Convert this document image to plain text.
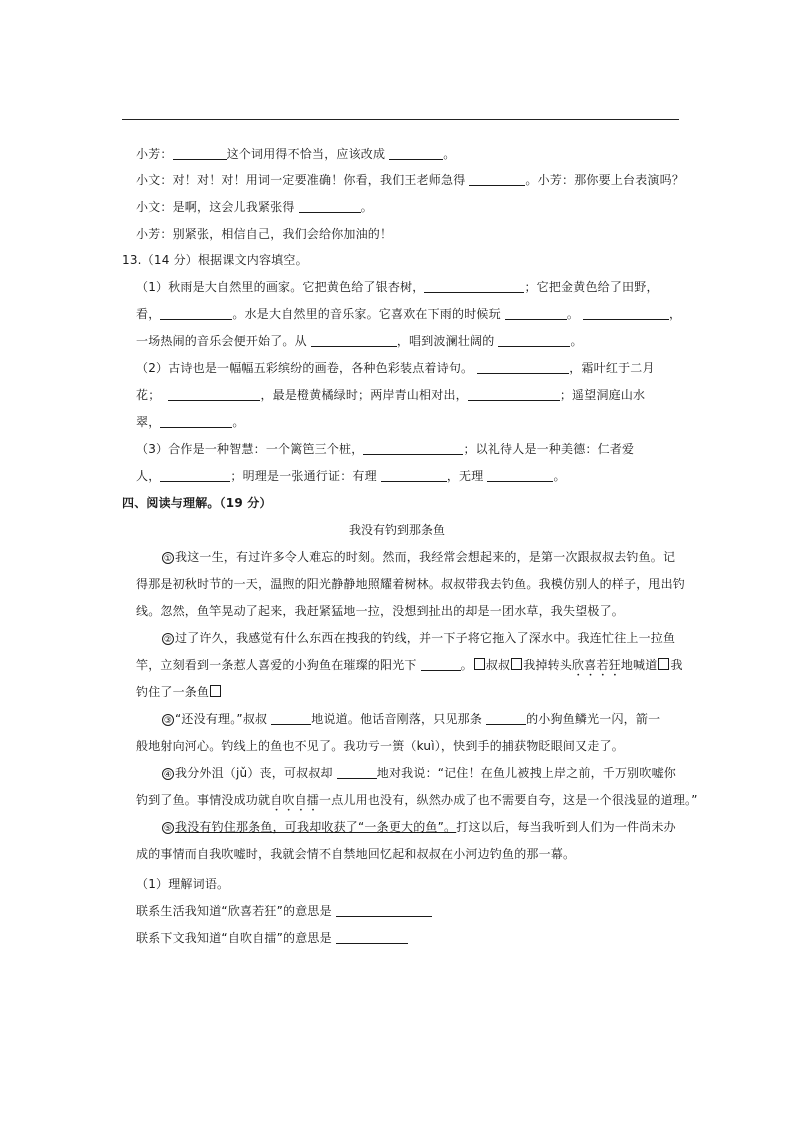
小芳：	这个词用得不恰当，应该改成	。
小文：对！对！对！用词一定要准确！你看，我们王老师急得	。小芳：那你要上台表演吗？
小文：是啊，这会儿我紧张得	。
小芳：别紧张，相信自己，我们会给你加油的！
13.（14 分）根据课文内容填空。
（1）秋雨是大自然里的画家。它把黄色给了银杏树，	；它把金黄色给了田野，
看，	。水是大自然里的音乐家。它喜欢在下雨的时候玩	。	，
一场热闹的音乐会便开始了。从	，唱到波澜壮阔的	。
（2）古诗也是一幅幅五彩缤纷的画卷，各种色彩装点着诗句。	，霜叶红于二月
花；	，最是橙黄橘绿时；两岸青山相对出，	；遥望洞庭山水
翠，	。
（3）合作是一种智慧：一个篱笆三个桩，	；以礼待人是一种美德：仁者爱
人，	；明理是一张通行证：有理	，无理	。
四、阅读与理解。（19 分）
我没有钓到那条鱼
① 我这一生，有过许多令人难忘的时刻。然而，我经常会想起来的，是第一次跟叔叔去钓鱼。记
得那是初秋时节的一天，温煦的阳光静静地照耀着树林。叔叔带我去钓鱼。我模仿别人的样子，甩出钓
线。忽然，鱼竿晃动了起来，我赶紧猛地一拉，没想到扯出的却是一团水草，我失望极了。
② 过了许久，我感觉有什么东西在拽我的钓线，并一下子将它拖入了深水中。我连忙往上一拉鱼
竿，立刻看到一条惹人喜爱的小狗鱼在璀璨的阳光下	。 叔叔 我掉转头欣喜若狂地喊道 我
钓住了一条鱼
③ “还没有理。”叔叔	地说道。他话音刚落，只见那条	的小狗鱼鳞光一闪，箭一
般地射向河心。钓线上的鱼也不见了。我功亏一篑（kuì），快到手的捕获物眨眼间又走了。
④ 我分外沮（jǔ）丧，可叔叔却	地对我说：“记住！在鱼儿被拽上岸之前，千万别吹嘘你
钓到了鱼。事情没成功就自吹自擂一点儿用也没有，纵然办成了也不需要自夸，这是一个很浅显的道理。”
⑤ 我没有钓住那条鱼，可我却收获了“一条更大的鱼”。打这以后，每当我听到人们为一件尚未办
成的事情而自我吹嘘时，我就会情不自禁地回忆起和叔叔在小河边钓鱼的那一幕。
（1）理解词语。
联系生活我知道“欣喜若狂”的意思是
联系下文我知道“自吹自擂”的意思是
